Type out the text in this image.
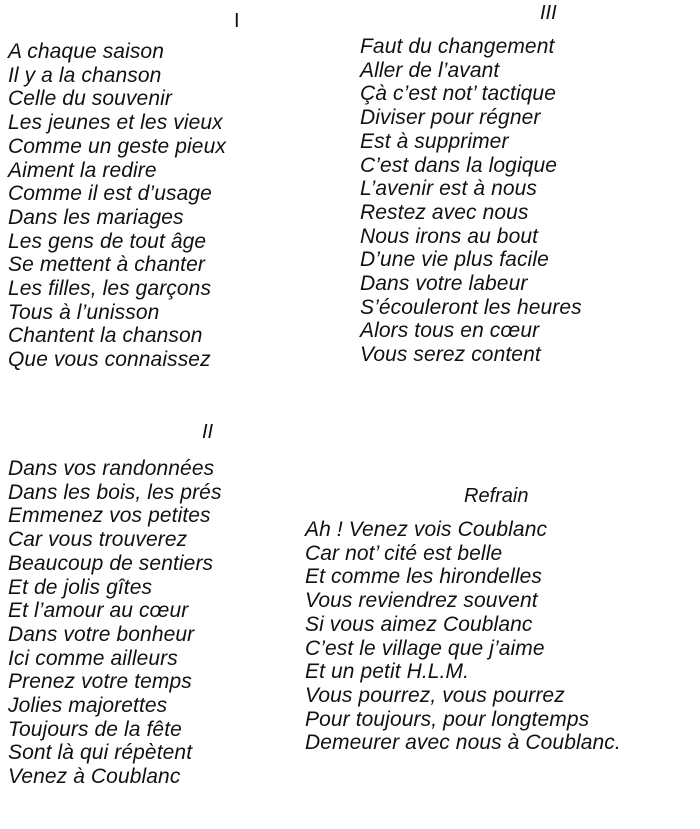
I
A chaque saison
Il y a la chanson
Celle du souvenir
Les jeunes et les vieux
Comme un geste pieux
Aiment la redire
Comme il est d’usage
Dans les mariages
Les gens de tout âge
Se mettent à chanter
Les filles, les garçons
Tous à l’unisson
Chantent la chanson
Que vous connaissez
II
Dans vos randonnées
Dans les bois, les prés
Emmenez vos petites
Car vous trouverez
Beaucoup de sentiers
Et de jolis gîtes
Et l’amour au cœur
Dans votre bonheur
Ici comme ailleurs
Prenez votre temps
Jolies majorettes
Toujours de la fête
Sont là qui répètent
Venez à Coublanc
III
Faut du changement
Aller de l’avant
Çà c’est not’ tactique
Diviser pour régner
Est à supprimer
C’est dans la logique
L’avenir est à nous
Restez avec nous
Nous irons au bout
D’une vie plus facile
Dans votre labeur
S’écouleront les heures
Alors tous en cœur
Vous serez content
Refrain
Ah ! Venez vois Coublanc
Car not’ cité est belle
Et comme les hirondelles
Vous reviendrez souvent
Si vous aimez Coublanc
C’est le village que j’aime
Et un petit H.L.M.
Vous pourrez, vous pourrez
Pour toujours, pour longtemps
Demeurer avec nous à Coublanc.
